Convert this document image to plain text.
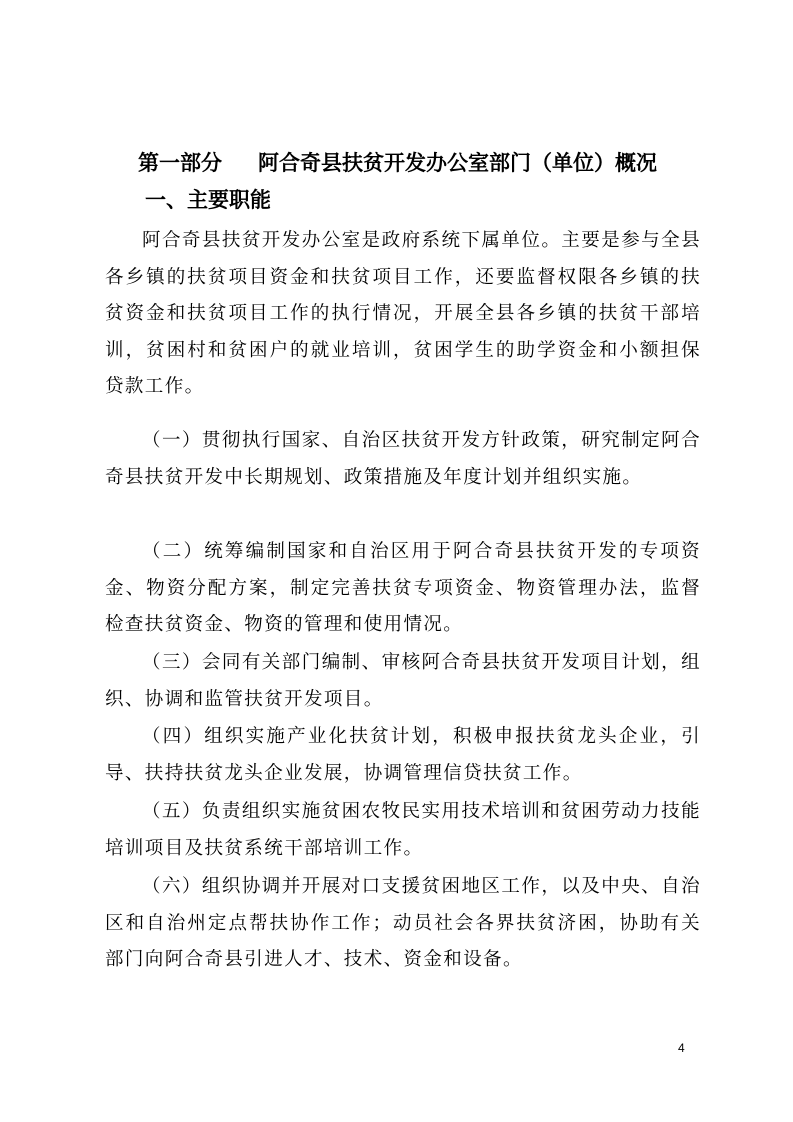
第一部分 阿合奇县扶贫开发办公室部门（单位）概况
一、主要职能

阿合奇县扶贫开发办公室是政府系统下属单位。主要是参与全县各乡镇的扶贫项目资金和扶贫项目工作，还要监督权限各乡镇的扶贫资金和扶贫项目工作的执行情况，开展全县各乡镇的扶贫干部培训，贫困村和贫困户的就业培训，贫困学生的助学资金和小额担保贷款工作。

（一）贯彻执行国家、自治区扶贫开发方针政策，研究制定阿合奇县扶贫开发中长期规划、政策措施及年度计划并组织实施。

（二）统筹编制国家和自治区用于阿合奇县扶贫开发的专项资金、物资分配方案，制定完善扶贫专项资金、物资管理办法，监督检查扶贫资金、物资的管理和使用情况。

（三）会同有关部门编制、审核阿合奇县扶贫开发项目计划，组织、协调和监管扶贫开发项目。

（四）组织实施产业化扶贫计划，积极申报扶贫龙头企业，引导、扶持扶贫龙头企业发展，协调管理信贷扶贫工作。

（五）负责组织实施贫困农牧民实用技术培训和贫困劳动力技能培训项目及扶贫系统干部培训工作。

（六）组织协调并开展对口支援贫困地区工作，以及中央、自治区和自治州定点帮扶协作工作；动员社会各界扶贫济困，协助有关部门向阿合奇县引进人才、技术、资金和设备。

4
